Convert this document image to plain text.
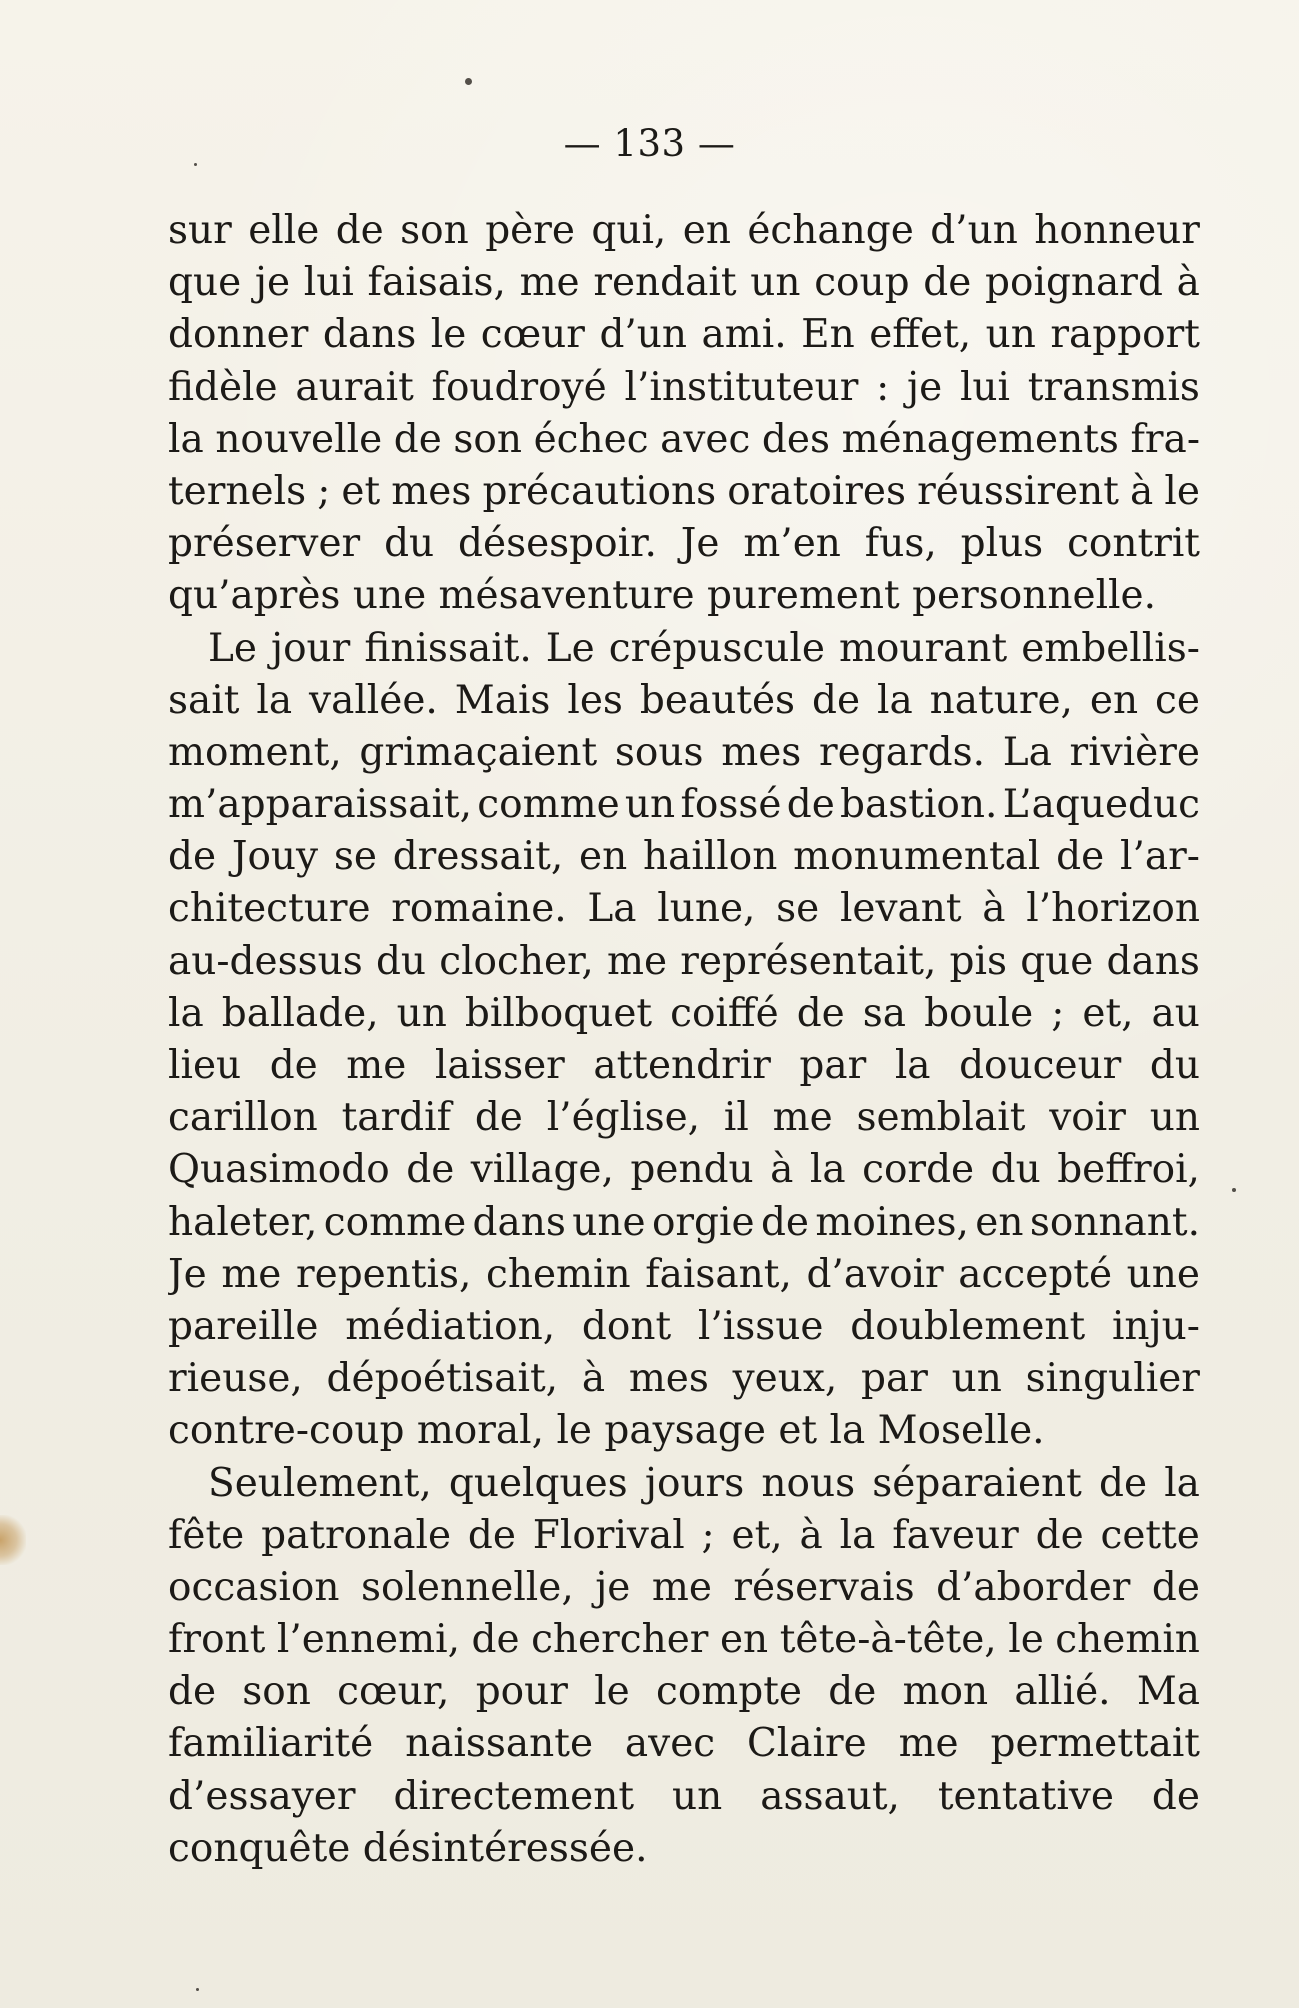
— 133 —
sur elle de son père qui, en échange d’un honneur
que je lui faisais, me rendait un coup de poignard à
donner dans le cœur d’un ami. En effet, un rapport
fidèle aurait foudroyé l’instituteur : je lui transmis
la nouvelle de son échec avec des ménagements fra-
ternels ; et mes précautions oratoires réussirent à le
préserver du désespoir. Je m’en fus, plus contrit
qu’après une mésaventure purement personnelle.
Le jour finissait. Le crépuscule mourant embellis-
sait la vallée. Mais les beautés de la nature, en ce
moment, grimaçaient sous mes regards. La rivière
m’apparaissait, comme un fossé de bastion. L’aqueduc
de Jouy se dressait, en haillon monumental de l’ar-
chitecture romaine. La lune, se levant à l’horizon
au-dessus du clocher, me représentait, pis que dans
la ballade, un bilboquet coiffé de sa boule ; et, au
lieu de me laisser attendrir par la douceur du
carillon tardif de l’église, il me semblait voir un
Quasimodo de village, pendu à la corde du beffroi,
haleter, comme dans une orgie de moines, en sonnant.
Je me repentis, chemin faisant, d’avoir accepté une
pareille médiation, dont l’issue doublement inju-
rieuse, dépoétisait, à mes yeux, par un singulier
contre-coup moral, le paysage et la Moselle.
Seulement, quelques jours nous séparaient de la
fête patronale de Florival ; et, à la faveur de cette
occasion solennelle, je me réservais d’aborder de
front l’ennemi, de chercher en tête-à-tête, le chemin
de son cœur, pour le compte de mon allié. Ma
familiarité naissante avec Claire me permettait
d’essayer directement un assaut, tentative de
conquête désintéressée.
